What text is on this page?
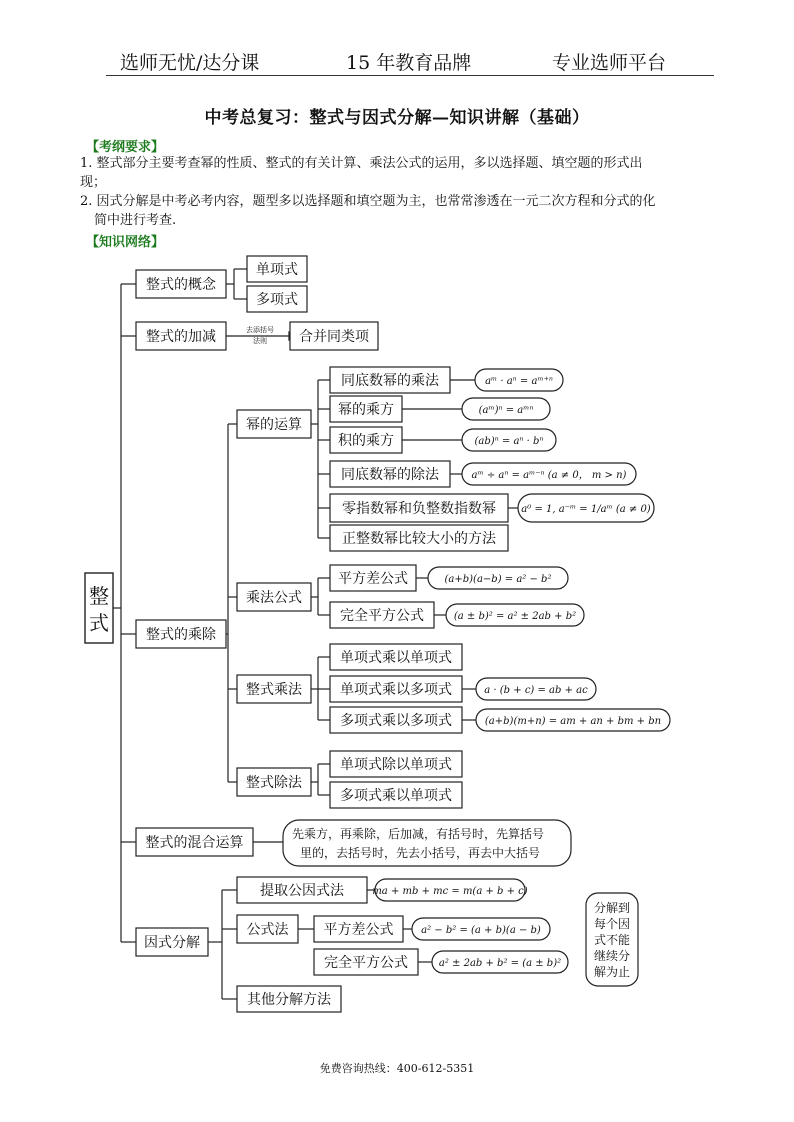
选师无忧/达分课	15 年教育品牌	专业选师平台
中考总复习：整式与因式分解—知识讲解（基础）
【考纲要求】
1. 整式部分主要考查幂的性质、整式的有关计算、乘法公式的运用，多以选择题、填空题的形式出
现；
2. 因式分解是中考必考内容，题型多以选择题和填空题为主，也常常渗透在一元二次方程和分式的化
简中进行考查.
【知识网络】
整
式
整式的概念
单项式
多项式
整式的加减	合并同类项
整式的乘除
幂的运算
同底数幂的乘法
幂的乘方
积的乘方
同底数幂的除法
零指数幂和负整数指数幂
正整数幂比较大小的方法
乘法公式
平方差公式
完全平方公式
整式乘法
单项式乘以单项式
单项式乘以多项式
多项式乘以多项式
整式除法
单项式除以单项式
多项式乘以单项式
整式的混合运算
因式分解
提取公因式法
公式法	平方差公式
完全平方公式
其他分解方法
aᵐ · aⁿ = aᵐ⁺ⁿ
(aᵐ)ⁿ = aᵐⁿ
(ab)ⁿ = aⁿ · bⁿ
aᵐ ÷ aⁿ = aᵐ⁻ⁿ (a ≠ 0， m > n)
a⁰ = 1, a⁻ᵐ = 1/aᵐ (a ≠ 0)
(a+b)(a−b) = a² − b²
(a ± b)² = a² ± 2ab + b²
a · (b + c) = ab + ac
(a+b)(m+n) = am + an + bm + bn
ma + mb + mc = m(a + b + c)
a² − b² = (a + b)(a − b)
a² ± 2ab + b² = (a ± b)²
去添括号
法则
先乘方，再乘除，后加减，有括号时，先算括号
里的，去括号时，先去小括号，再去中大括号
分解到
每个因
式不能
继续分
解为止
免费咨询热线：400-612-5351
